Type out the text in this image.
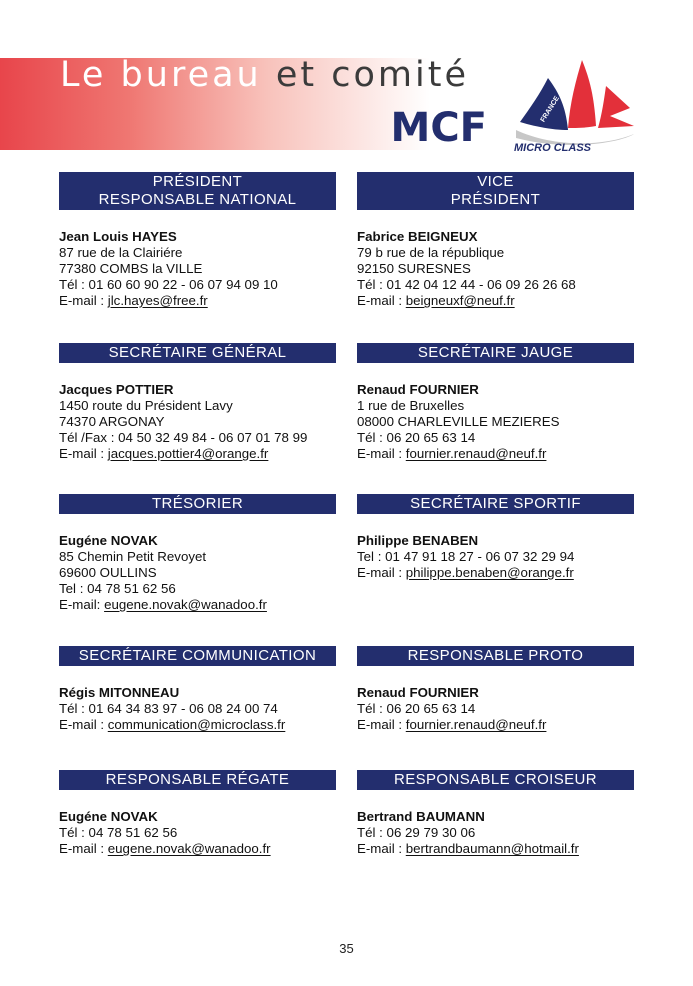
Le bureau et comité
MCF	FRANCE
MICRO CLASS
PRÉSIDENT
RESPONSABLE NATIONAL
Jean Louis HAYES
87 rue de la Clairiére
77380 COMBS la VILLE
Tél : 01 60 60 90 22 - 06 07 94 09 10
E-mail : jlc.hayes@free.fr
VICE
PRÉSIDENT
Fabrice BEIGNEUX
79 b rue de la république
92150 SURESNES
Tél : 01 42 04 12 44 - 06 09 26 26 68
E-mail : beigneuxf@neuf.fr
SECRÉTAIRE GÉNÉRAL
Jacques POTTIER
1450 route du Président Lavy
74370 ARGONAY
Tél /Fax : 04 50 32 49 84 - 06 07 01 78 99
E-mail : jacques.pottier4@orange.fr
SECRÉTAIRE JAUGE
Renaud FOURNIER
1 rue de Bruxelles
08000 CHARLEVILLE MEZIERES
Tél : 06 20 65 63 14
E-mail : fournier.renaud@neuf.fr
TRÉSORIER
Eugéne NOVAK
85 Chemin Petit Revoyet
69600 OULLINS
Tel : 04 78 51 62 56
E-mail: eugene.novak@wanadoo.fr
SECRÉTAIRE SPORTIF
Philippe BENABEN
Tel : 01 47 91 18 27 - 06 07 32 29 94
E-mail : philippe.benaben@orange.fr
SECRÉTAIRE COMMUNICATION
Régis MITONNEAU
Tél : 01 64 34 83 97 - 06 08 24 00 74
E-mail : communication@microclass.fr
RESPONSABLE PROTO
Renaud FOURNIER
Tél : 06 20 65 63 14
E-mail : fournier.renaud@neuf.fr
RESPONSABLE RÉGATE
Eugéne NOVAK
Tél : 04 78 51 62 56
E-mail : eugene.novak@wanadoo.fr
RESPONSABLE CROISEUR
Bertrand BAUMANN
Tél : 06 29 79 30 06
E-mail : bertrandbaumann@hotmail.fr
35
